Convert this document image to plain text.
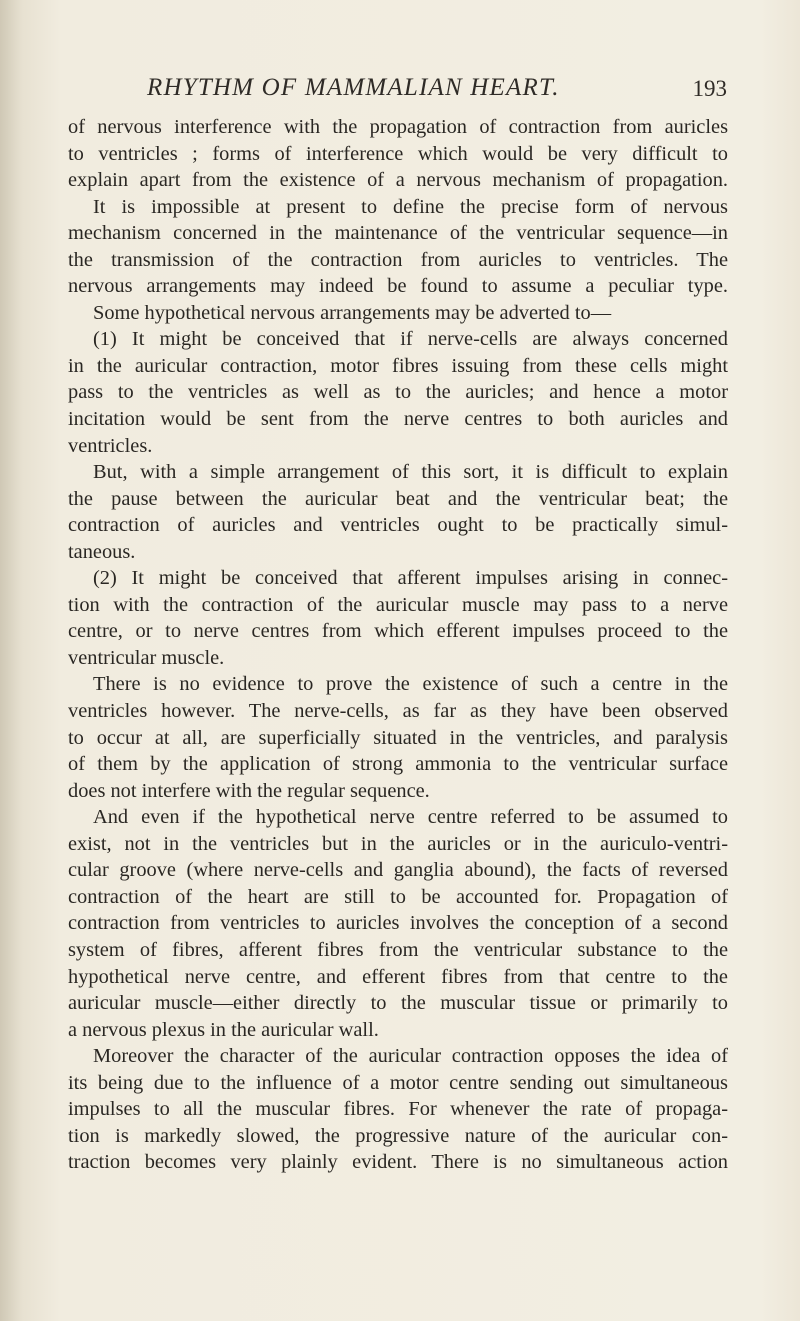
RHYTHM OF MAMMALIAN HEART.	193
of nervous interference with the propagation of contraction from auricles
to ventricles ; forms of interference which would be very difficult to
explain apart from the existence of a nervous mechanism of propagation.
It is impossible at present to define the precise form of nervous
mechanism concerned in the maintenance of the ventricular sequence—in
the transmission of the contraction from auricles to ventricles. The
nervous arrangements may indeed be found to assume a peculiar type.
Some hypothetical nervous arrangements may be adverted to—
(1) It might be conceived that if nerve-cells are always concerned
in the auricular contraction, motor fibres issuing from these cells might
pass to the ventricles as well as to the auricles; and hence a motor
incitation would be sent from the nerve centres to both auricles and
ventricles.
But, with a simple arrangement of this sort, it is difficult to explain
the pause between the auricular beat and the ventricular beat; the
contraction of auricles and ventricles ought to be practically simul-
taneous.
(2) It might be conceived that afferent impulses arising in connec-
tion with the contraction of the auricular muscle may pass to a nerve
centre, or to nerve centres from which efferent impulses proceed to the
ventricular muscle.
There is no evidence to prove the existence of such a centre in the
ventricles however. The nerve-cells, as far as they have been observed
to occur at all, are superficially situated in the ventricles, and paralysis
of them by the application of strong ammonia to the ventricular surface
does not interfere with the regular sequence.
And even if the hypothetical nerve centre referred to be assumed to
exist, not in the ventricles but in the auricles or in the auriculo-ventri-
cular groove (where nerve-cells and ganglia abound), the facts of reversed
contraction of the heart are still to be accounted for. Propagation of
contraction from ventricles to auricles involves the conception of a second
system of fibres, afferent fibres from the ventricular substance to the
hypothetical nerve centre, and efferent fibres from that centre to the
auricular muscle—either directly to the muscular tissue or primarily to
a nervous plexus in the auricular wall.
Moreover the character of the auricular contraction opposes the idea of
its being due to the influence of a motor centre sending out simultaneous
impulses to all the muscular fibres. For whenever the rate of propaga-
tion is markedly slowed, the progressive nature of the auricular con-
traction becomes very plainly evident. There is no simultaneous action
